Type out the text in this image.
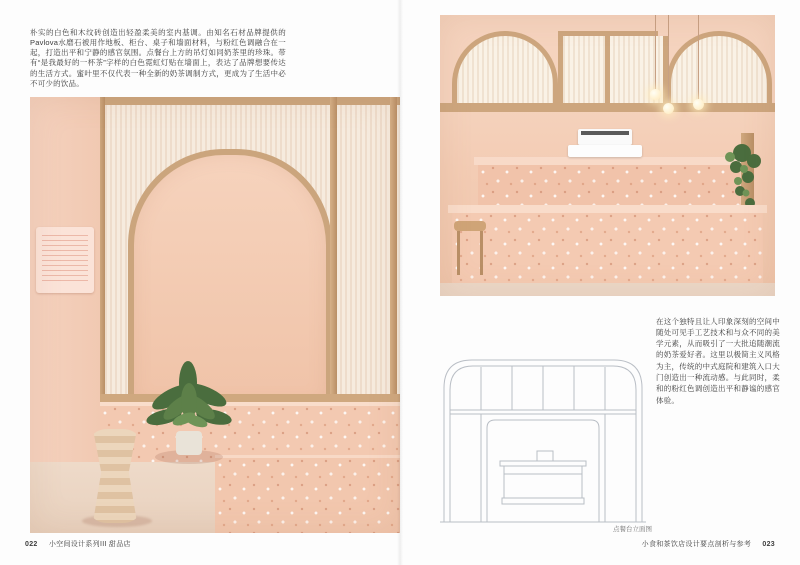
朴实的白色和木纹砖创造出轻盈柔美的室内基调。由知名石材品牌提供的Pavlova水磨石被用作地板、柜台、桌子和墙面材料，与粉红色调融合在一起，打造出平和宁静的感官氛围。点餐台上方的吊灯如同奶茶里的珍珠。带有“是我最好的一杯茶”字样的白色霓虹灯贴在墙面上，表达了品牌想要传达的生活方式。蜜叶里不仅代表一种全新的奶茶调制方式，更成为了生活中必不可少的饮品。

在这个独特且让人印象深刻的空间中随处可见手工艺技术和与众不同的美学元素，从而吸引了一大批追随潮流的奶茶爱好者。这里以极简主义风格为主，传统的中式庭院和建筑入口大门创造出一种流动感。与此同时，柔和的粉红色调创造出平和静谧的感官体验。

点餐台立面图
022 小空间设计系列III 甜品店	小食和茶饮店设计要点剖析与参考 023
